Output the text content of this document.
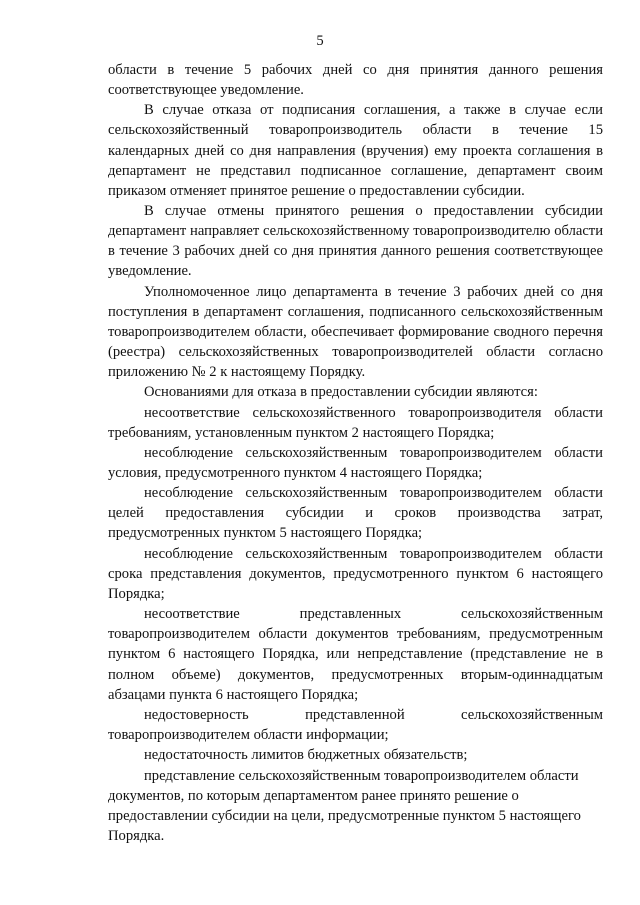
5

области в течение 5 рабочих дней со дня принятия данного решения соответствующее уведомление.

В случае отказа от подписания соглашения, а также в случае если сельскохозяйственный товаропроизводитель области в течение 15 календарных дней со дня направления (вручения) ему проекта соглашения в департамент не представил подписанное соглашение, департамент своим приказом отменяет принятое решение о предоставлении субсидии.

В случае отмены принятого решения о предоставлении субсидии департамент направляет сельскохозяйственному товаропроизводителю области в течение 3 рабочих дней со дня принятия данного решения соответствующее уведомление.

Уполномоченное лицо департамента в течение 3 рабочих дней со дня поступления в департамент соглашения, подписанного сельскохозяйственным товаропроизводителем области, обеспечивает формирование сводного перечня (реестра) сельскохозяйственных товаропроизводителей области согласно приложению № 2 к настоящему Порядку.

Основаниями для отказа в предоставлении субсидии являются:

несоответствие сельскохозяйственного товаропроизводителя области требованиям, установленным пунктом 2 настоящего Порядка;

несоблюдение сельскохозяйственным товаропроизводителем области условия, предусмотренного пунктом 4 настоящего Порядка;

несоблюдение сельскохозяйственным товаропроизводителем области целей предоставления субсидии и сроков производства затрат, предусмотренных пунктом 5 настоящего Порядка;

несоблюдение сельскохозяйственным товаропроизводителем области срока представления документов, предусмотренного пунктом 6 настоящего Порядка;

несоответствие представленных сельскохозяйственным товаропроизводителем области документов требованиям, предусмотренным пунктом 6 настоящего Порядка, или непредставление (представление не в полном объеме) документов, предусмотренных вторым-одиннадцатым абзацами пункта 6 настоящего Порядка;

недостоверность представленной сельскохозяйственным товаропроизводителем области информации;

недостаточность лимитов бюджетных обязательств;

представление сельскохозяйственным товаропроизводителем области документов, по которым департаментом ранее принято решение о предоставлении субсидии на цели, предусмотренные пунктом 5 настоящего Порядка.
